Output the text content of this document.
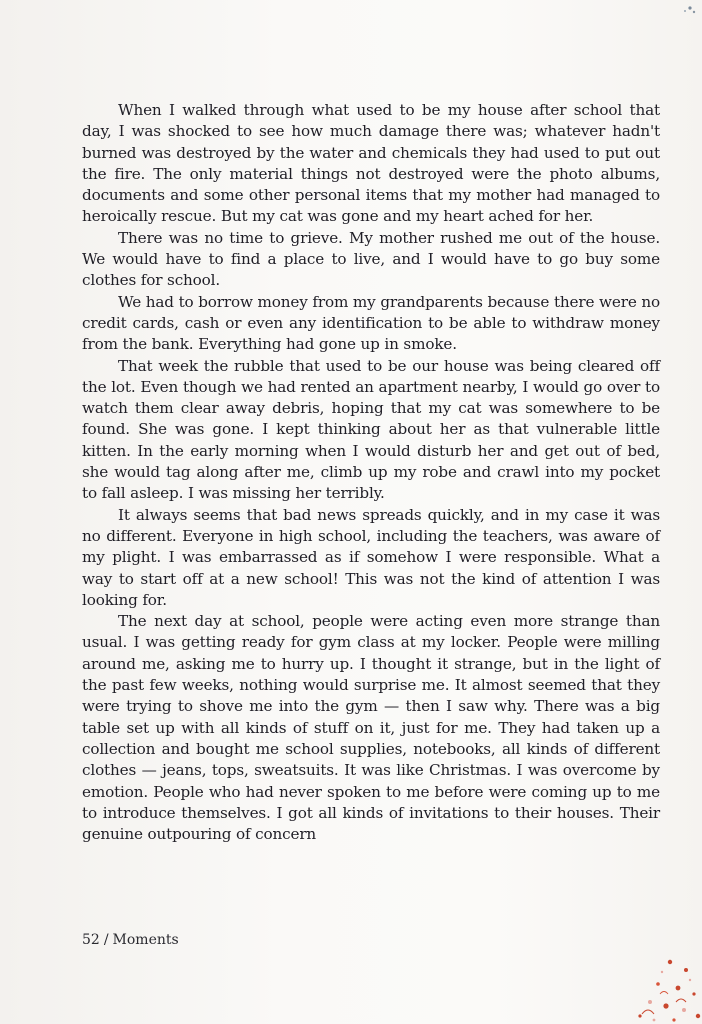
When I walked through what used to be my house after school that day, I was shocked to see how much damage there was; whatever hadn't burned was destroyed by the water and chemicals they had used to put out the fire. The only material things not destroyed were the photo albums, documents and some other personal items that my mother had managed to heroically rescue. But my cat was gone and my heart ached for her.

There was no time to grieve. My mother rushed me out of the house. We would have to find a place to live, and I would have to go buy some clothes for school.

We had to borrow money from my grandparents because there were no credit cards, cash or even any identification to be able to withdraw money from the bank. Everything had gone up in smoke.

That week the rubble that used to be our house was being cleared off the lot. Even though we had rented an apartment nearby, I would go over to watch them clear away debris, hoping that my cat was somewhere to be found. She was gone. I kept thinking about her as that vulnerable little kitten. In the early morning when I would disturb her and get out of bed, she would tag along after me, climb up my robe and crawl into my pocket to fall asleep. I was missing her terribly.

It always seems that bad news spreads quickly, and in my case it was no different. Everyone in high school, including the teachers, was aware of my plight. I was embarrassed as if somehow I were responsible. What a way to start off at a new school! This was not the kind of attention I was looking for.

The next day at school, people were acting even more strange than usual. I was getting ready for gym class at my locker. People were milling around me, asking me to hurry up. I thought it strange, but in the light of the past few weeks, nothing would surprise me. It almost seemed that they were trying to shove me into the gym — then I saw why. There was a big table set up with all kinds of stuff on it, just for me. They had taken up a collection and bought me school supplies, notebooks, all kinds of different clothes — jeans, tops, sweatsuits. It was like Christmas. I was overcome by emotion. People who had never spoken to me before were coming up to me to introduce themselves. I got all kinds of invitations to their houses. Their genuine outpouring of concern

52 / Moments
